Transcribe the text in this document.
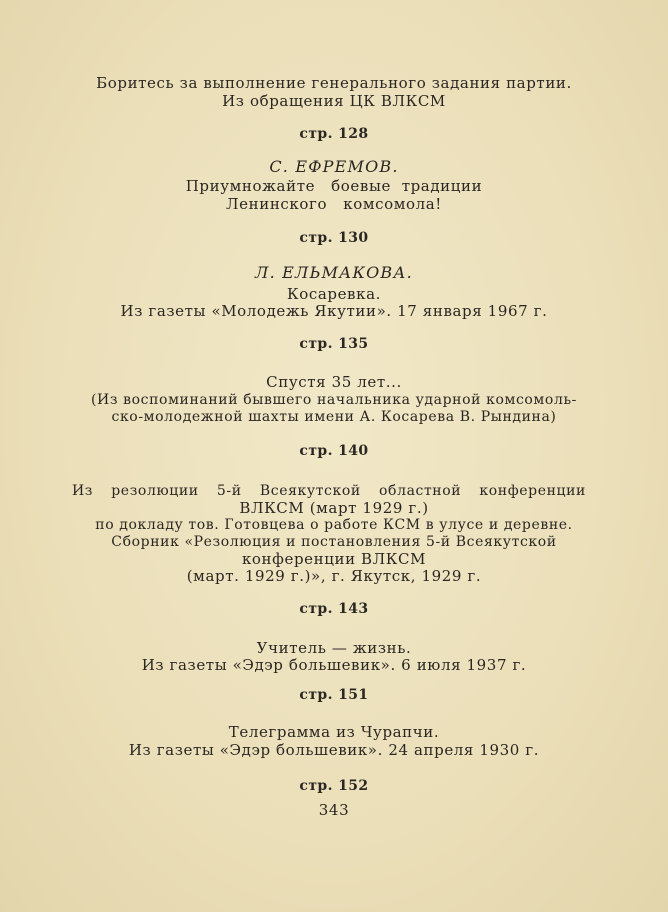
Боритесь за выполнение генерального задания партии.
Из обращения ЦК ВЛКСМ
стр. 128
С. ЕФРЕМОВ.
Приумножайте   боевые  традиции
Ленинского   комсомола!
стр. 130
Л. ЕЛЬМАКОВА.
Косаревка.
Из газеты «Молодежь Якутии». 17 января 1967 г.
стр. 135
Спустя 35 лет...
(Из воспоминаний бывшего начальника ударной комсомоль-
ско-молодежной шахты имени А. Косарева В. Рындина)
стр. 140
Из резолюции 5-й Всеякутской областной конференции
ВЛКСМ (март 1929 г.)
по докладу тов. Готовцева о работе КСМ в улусе и деревне.
Сборник «Резолюция и постановления 5-й Всеякутской
конференции ВЛКСМ
(март. 1929 г.)», г. Якутск, 1929 г.
стр. 143
Учитель — жизнь.
Из газеты «Эдэр большевик». 6 июля 1937 г.
стр. 151
Телеграмма из Чурапчи.
Из газеты «Эдэр большевик». 24 апреля 1930 г.
стр. 152
343
